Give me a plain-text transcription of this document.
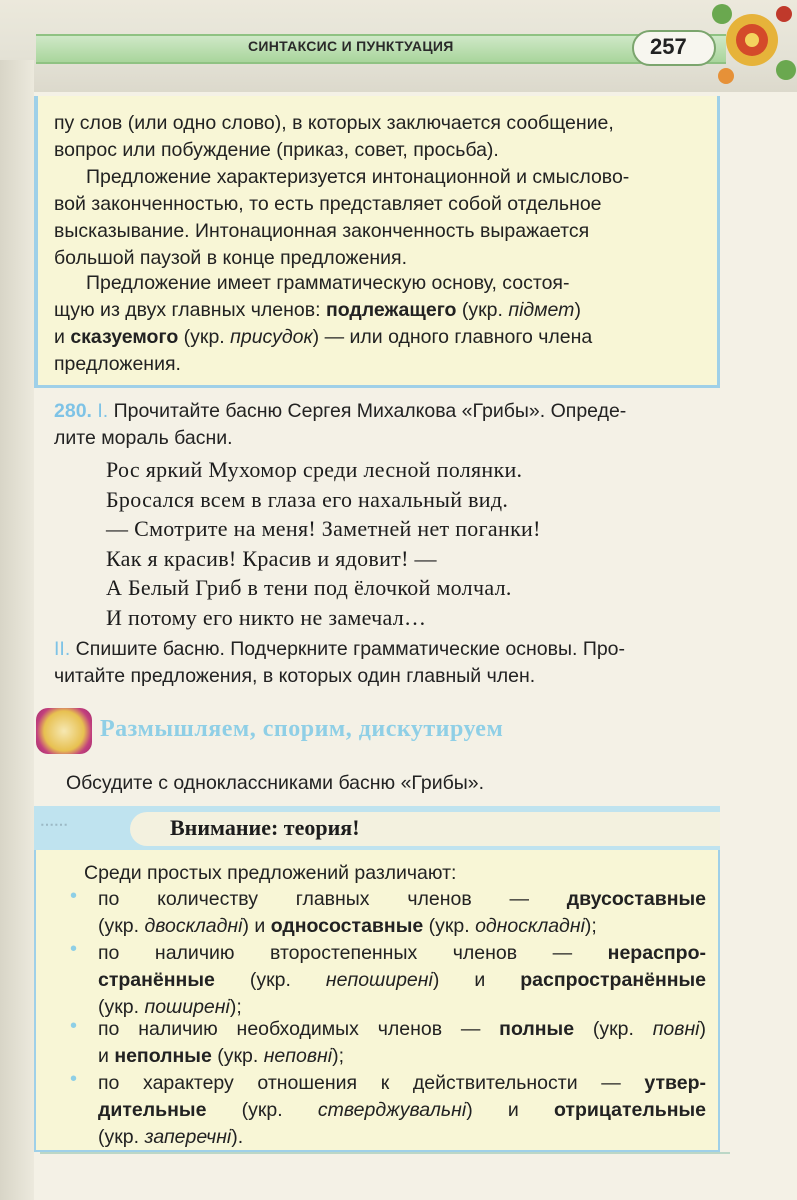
СИНТАКСИС И ПУНКТУАЦИЯ	257
пу слов (или одно слово), в которых заключается сообщение,
вопрос или побуждение (приказ, совет, просьба).
Предложение характеризуется интонационной и смыслово-
вой законченностью, то есть представляет собой отдельное
высказывание. Интонационная законченность выражается
большой паузой в конце предложения.
Предложение имеет грамматическую основу, состоя-
щую из двух главных членов: подлежащего (укр. підмет)
и сказуемого (укр. присудок) — или одного главного члена
предложения.
280. I. Прочитайте басню Сергея Михалкова «Грибы». Опреде-
лите мораль басни.
Рос яркий Мухомор среди лесной полянки.
Бросался всем в глаза его нахальный вид.
— Смотрите на меня! Заметней нет поганки!
Как я красив! Красив и ядовит! —
А Белый Гриб в тени под ёлочкой молчал.
И потому его никто не замечал…
II. Спишите басню. Подчеркните грамматические основы. Про-
читайте предложения, в которых один главный член.
Размышляем, спорим, дискутируем
Обсудите с одноклассниками басню «Грибы».
⋯⋯	Внимание: теория!
Среди простых предложений различают:
• по количеству главных членов — двусоставные
(укр. двоскладні) и односоставные (укр. односкладні);
• по наличию второстепенных членов — нераспро-
странённые (укр. непоширені) и распространённые
(укр. поширені);
• по наличию необходимых членов — полные (укр. повні)
и неполные (укр. неповні);
• по характеру отношения к действительности — утвер-
дительные (укр. стверджувальні) и отрицательные
(укр. заперечні).
